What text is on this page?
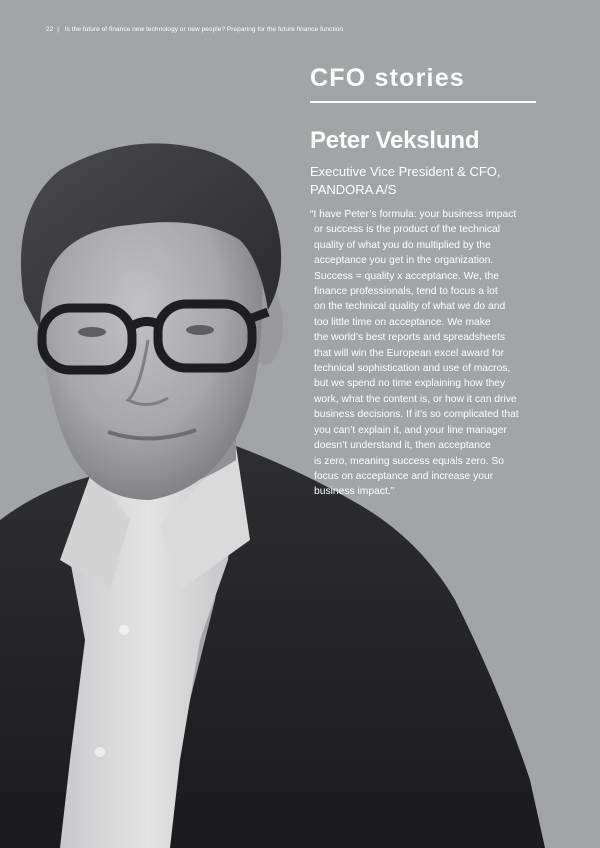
22 | Is the future of finance new technology or new people? Preparing for the future finance function
CFO stories
Peter Vekslund
Executive Vice President & CFO,
PANDORA A/S
“I have Peter’s formula: your business impact
or success is the product of the technical
quality of what you do multiplied by the
acceptance you get in the organization.
Success = quality x acceptance. We, the
finance professionals, tend to focus a lot
on the technical quality of what we do and
too little time on acceptance. We make
the world’s best reports and spreadsheets
that will win the European excel award for
technical sophistication and use of macros,
but we spend no time explaining how they
work, what the content is, or how it can drive
business decisions. If it’s so complicated that
you can’t explain it, and your line manager
doesn’t understand it, then acceptance
is zero, meaning success equals zero. So
focus on acceptance and increase your
business impact.”
